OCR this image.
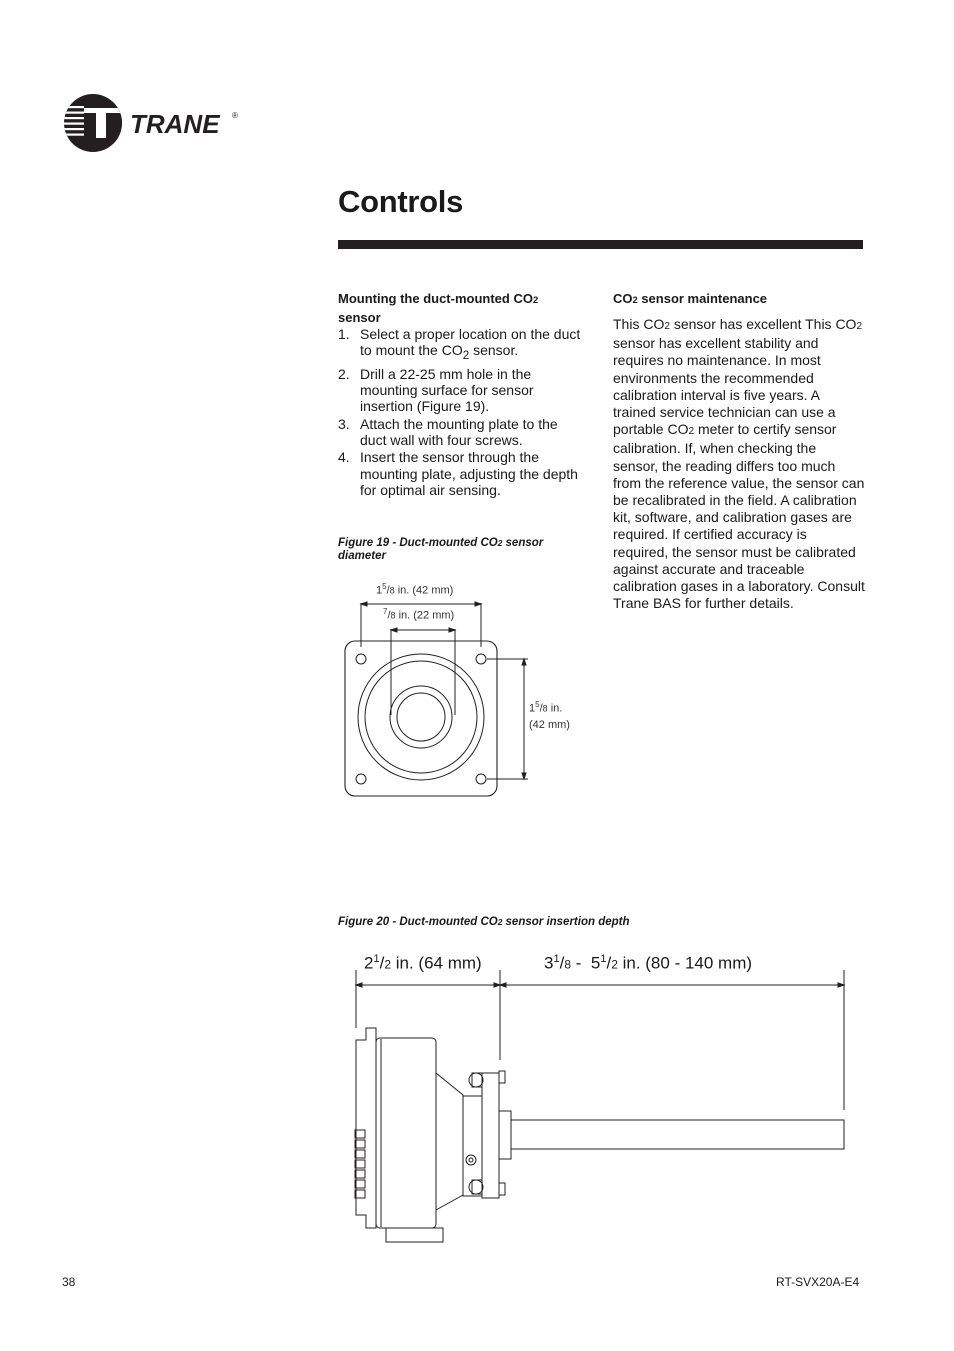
TRANE ®
Controls
Mounting the duct-mounted CO2
sensor
1. Select a proper location on the duct to mount the $CO_2$ sensor.
2. Drill a 22-25 mm hole in the mounting surface for sensor insertion (Figure 19).
3. Attach the mounting plate to the duct wall with four screws.
4. Insert the sensor through the mounting plate, adjusting the depth for optimal air sensing.
CO2 sensor maintenance
This CO2 sensor has excellent This CO2 sensor has excellent stability and requires no maintenance. In most environments the recommended calibration interval is five years. A trained service technician can use a portable CO2 meter to certify sensor calibration. If, when checking the sensor, the reading differs too much from the reference value, the sensor can be recalibrated in the field. A calibration kit, software, and calibration gases are required. If certified accuracy is required, the sensor must be calibrated against accurate and traceable calibration gases in a laboratory. Consult Trane BAS for further details.
Figure 19 - Duct-mounted CO2 sensor diameter
$1^5/8$ in. (42 mm)
$^7$/8 in. (22 mm)
$1^5/8$ in.
(42 mm)
Figure 20 - Duct-mounted CO2 sensor insertion depth
$2^1/2$ in. (64 mm)	$3^1/8 - 5^1/2$ in. (80 - 140 mm)
38	RT-SVX20A-E4
